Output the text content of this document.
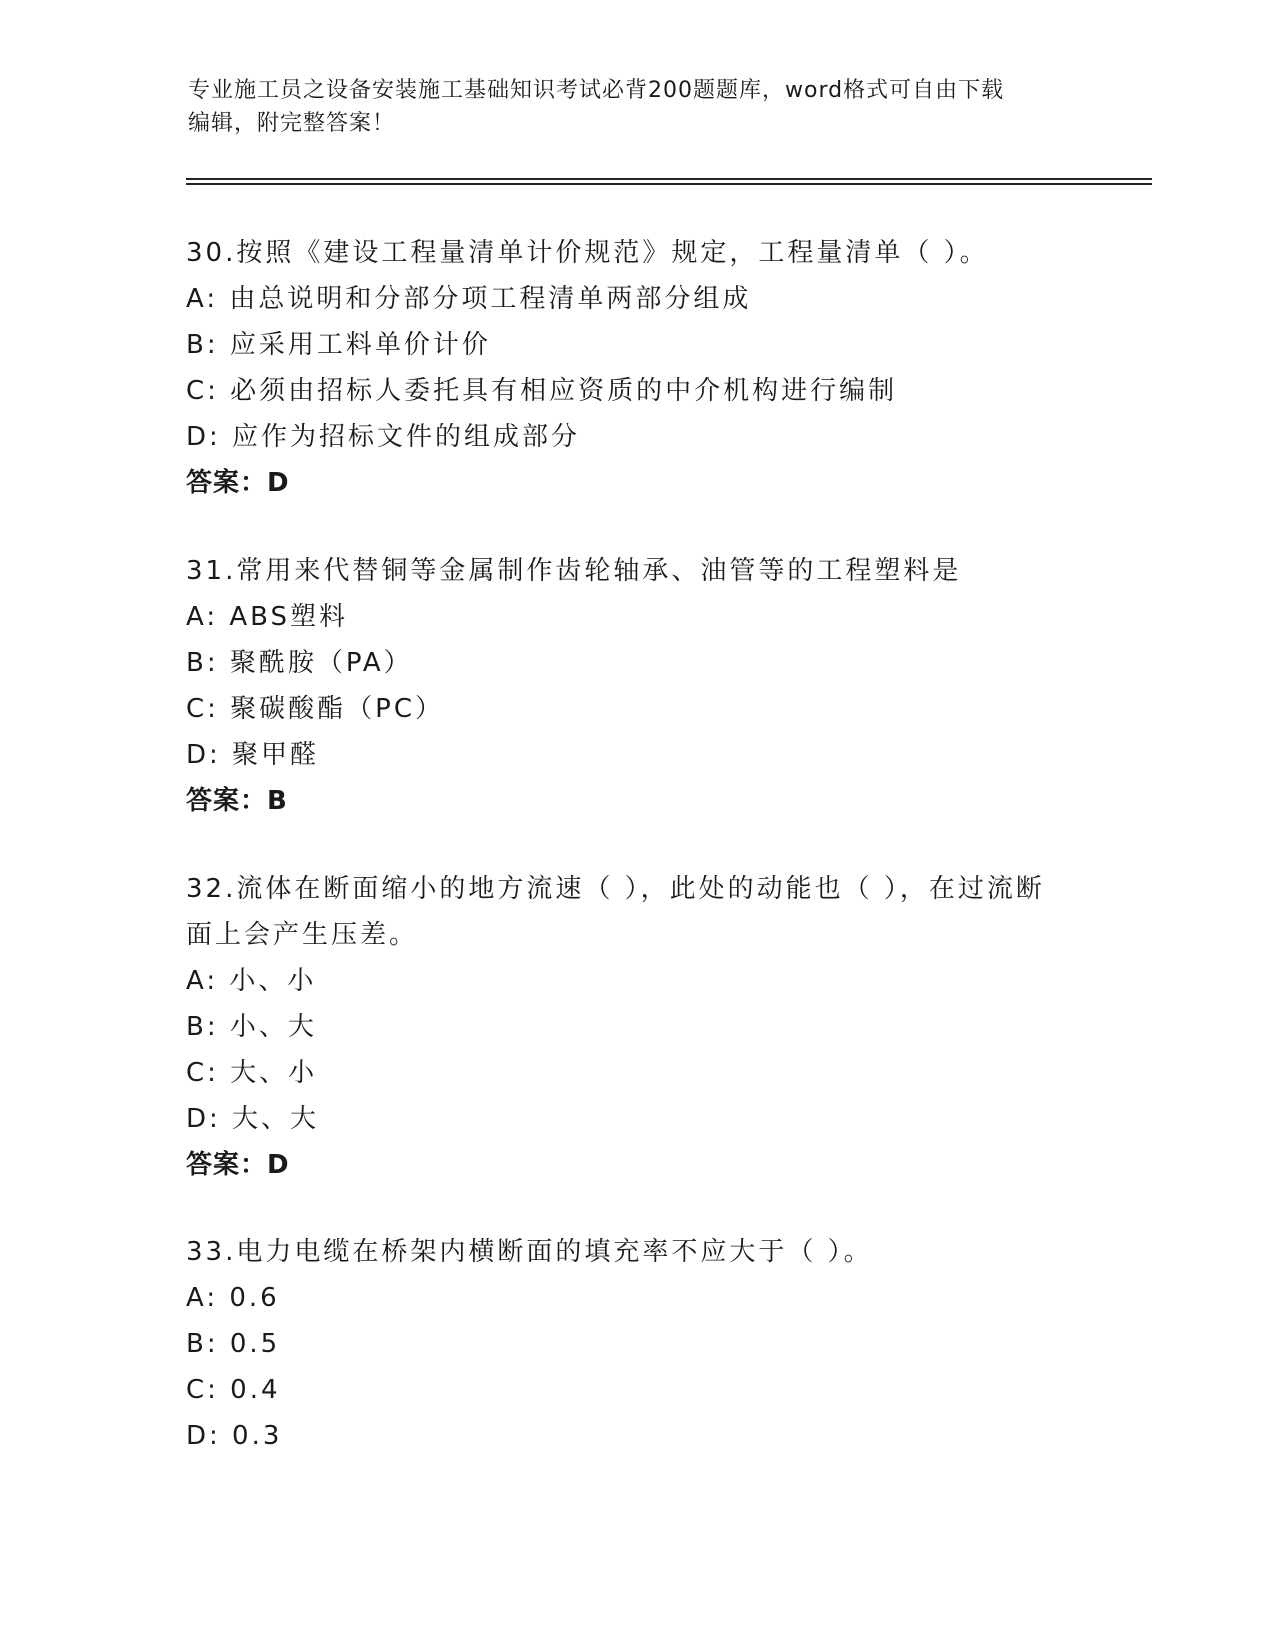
专业施工员之设备安装施工基础知识考试必背200题题库，word格式可自由下载
编辑，附完整答案！

30.按照《建设工程量清单计价规范》规定，工程量清单（ ）。

A: 由总说明和分部分项工程清单两部分组成

B: 应采用工料单价计价

C: 必须由招标人委托具有相应资质的中介机构进行编制

D: 应作为招标文件的组成部分

答案：D

31.常用来代替铜等金属制作齿轮轴承、油管等的工程塑料是

A: ABS塑料

B: 聚酰胺（PA）

C: 聚碳酸酯（PC）

D: 聚甲醛

答案：B

32.流体在断面缩小的地方流速（ ），此处的动能也（ ），在过流断

面上会产生压差。

A: 小、小

B: 小、大

C: 大、小

D: 大、大

答案：D

33.电力电缆在桥架内横断面的填充率不应大于（ ）。

A: 0.6

B: 0.5

C: 0.4

D: 0.3
